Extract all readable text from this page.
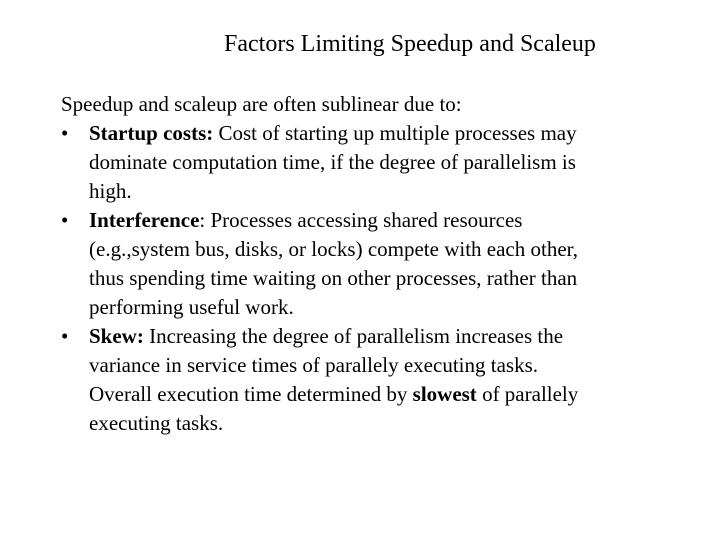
Factors Limiting Speedup and Scaleup

Speedup and scaleup are often sublinear due to:

• Startup costs: Cost of starting up multiple processes may
dominate computation time, if the degree of parallelism is
high.
• Interference: Processes accessing shared resources
(e.g.,system bus, disks, or locks) compete with each other,
thus spending time waiting on other processes, rather than
performing useful work.
• Skew: Increasing the degree of parallelism increases the
variance in service times of parallely executing tasks.
Overall execution time determined by slowest of parallely
executing tasks.
